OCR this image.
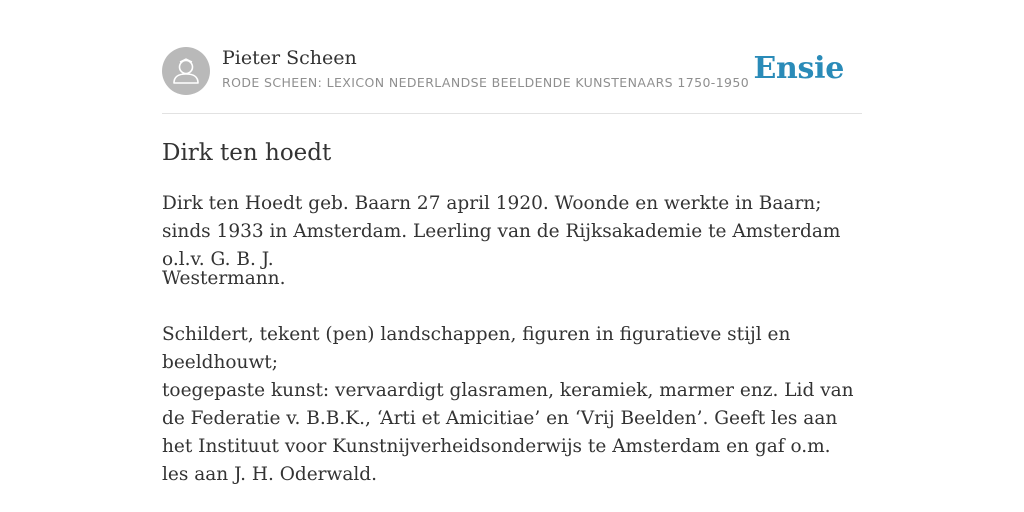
Pieter Scheen
RODE SCHEEN: LEXICON NEDERLANDSE BEELDENDE KUNSTENAARS 1750-1950 Ensie
Dirk ten hoedt

Dirk ten Hoedt geb. Baarn 27 april 1920. Woonde en werkte in Baarn; sinds 1933 in Amsterdam. Leerling van de Rijksakademie te Amsterdam o.l.v. G. B. J.

Westermann.

Schildert, tekent (pen) landschappen, figuren in figuratieve stijl en beeldhouwt;

toegepaste kunst: vervaardigt glasramen, keramiek, marmer enz. Lid van de Federatie v. B.B.K., ‘Arti et Amicitiae’ en ‘Vrij Beelden’. Geeft les aan het Instituut voor Kunstnijverheidsonderwijs te Amsterdam en gaf o.m. les aan J. H. Oderwald.
